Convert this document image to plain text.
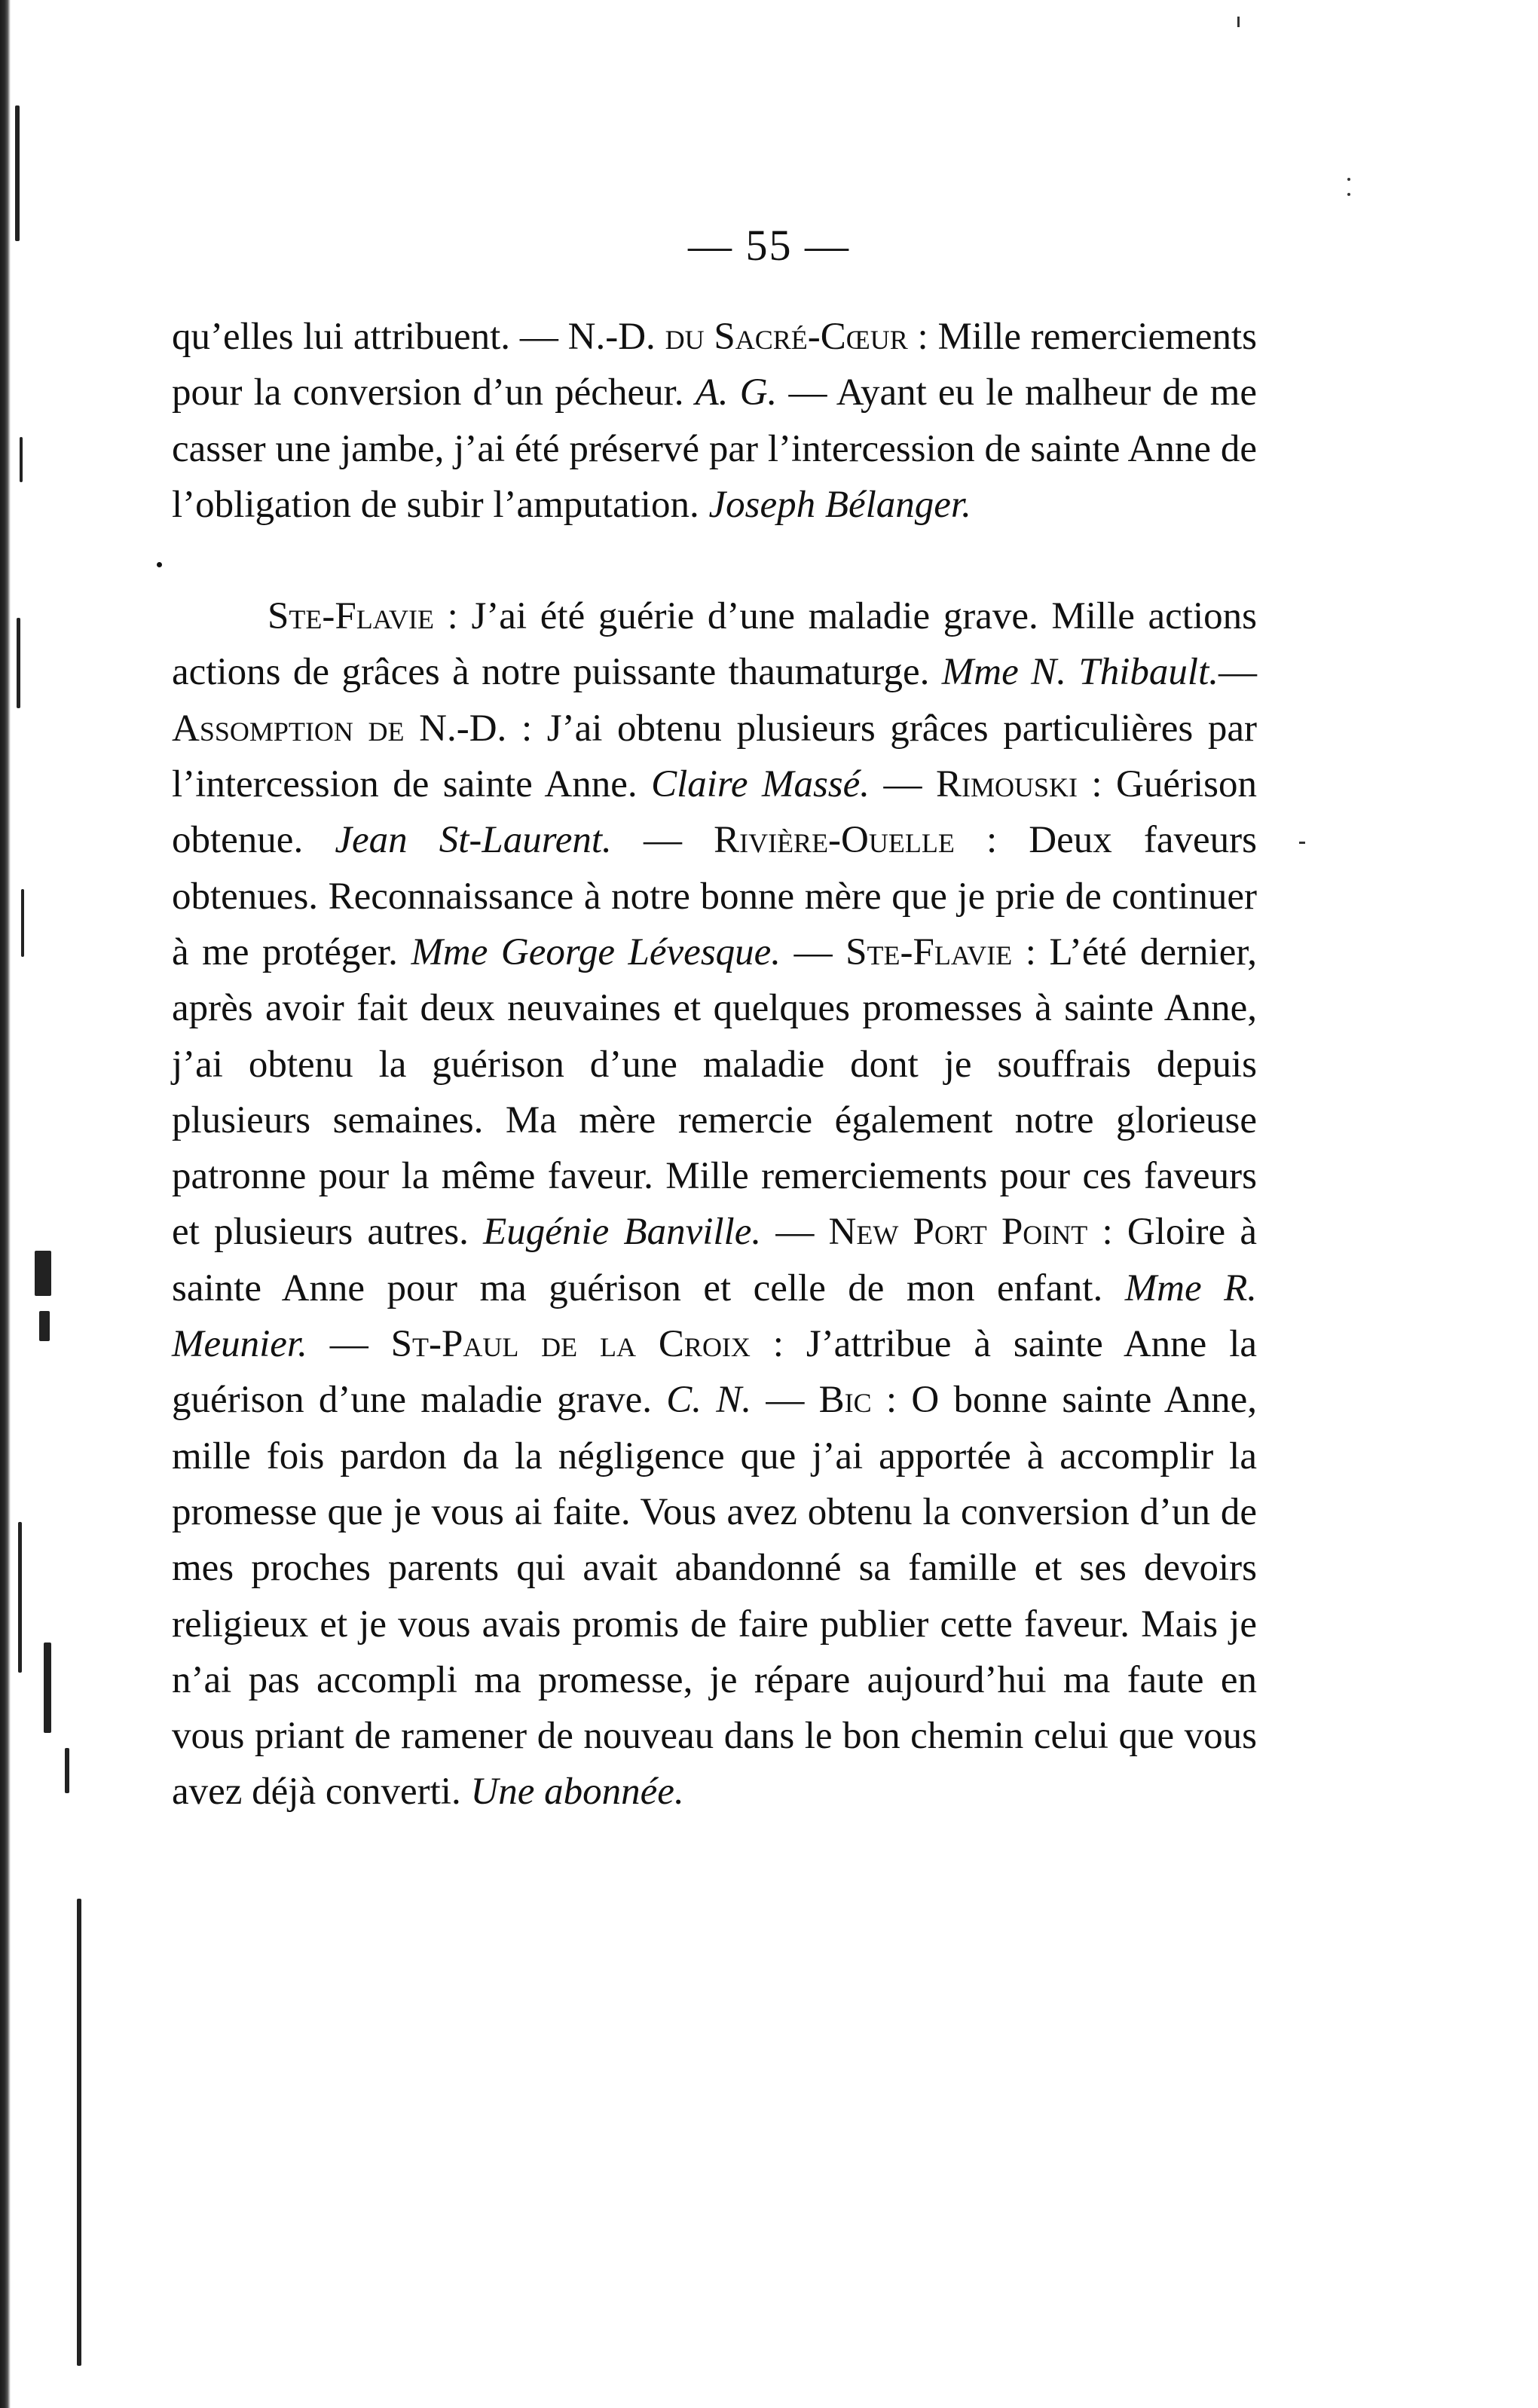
— 55 —

qu’elles lui attribuent. — N.-D. du Sacré-Cœur : Mille remerciements pour la conversion d’un pécheur. A. G. — Ayant eu le malheur de me casser une jambe, j’ai été préservé par l’intercession de sainte Anne de l’obligation de subir l’amputation. Joseph Bélanger.

Ste-Flavie : J’ai été guérie d’une maladie grave. Mille actions actions de grâces à notre puissante thaumaturge. Mme N. Thibault.—Assomption de N.-D. : J’ai obtenu plusieurs grâces particulières par l’intercession de sainte Anne. Claire Massé. — Rimouski : Guérison obtenue. Jean St-Laurent. — Rivière-Ouelle : Deux faveurs obtenues. Reconnaissance à notre bonne mère que je prie de continuer à me protéger. Mme George Lévesque. — Ste-Flavie : L’été dernier, après avoir fait deux neuvaines et quelques promesses à sainte Anne, j’ai obtenu la guérison d’une maladie dont je souffrais depuis plusieurs semaines. Ma mère remercie également notre glorieuse patronne pour la même faveur. Mille remerciements pour ces faveurs et plusieurs autres. Eugénie Banville. — New Port Point : Gloire à sainte Anne pour ma guérison et celle de mon enfant. Mme R. Meunier. — St-Paul de la Croix : J’attribue à sainte Anne la guérison d’une maladie grave. C. N. — Bic : O bonne sainte Anne, mille fois pardon da la négligence que j’ai apportée à accomplir la promesse que je vous ai faite. Vous avez obtenu la conversion d’un de mes proches parents qui avait abandonné sa famille et ses devoirs religieux et je vous avais promis de faire publier cette faveur. Mais je n’ai pas accompli ma promesse, je répare aujourd’hui ma faute en vous priant de ramener de nouveau dans le bon chemin celui que vous avez déjà converti. Une abonnée.
